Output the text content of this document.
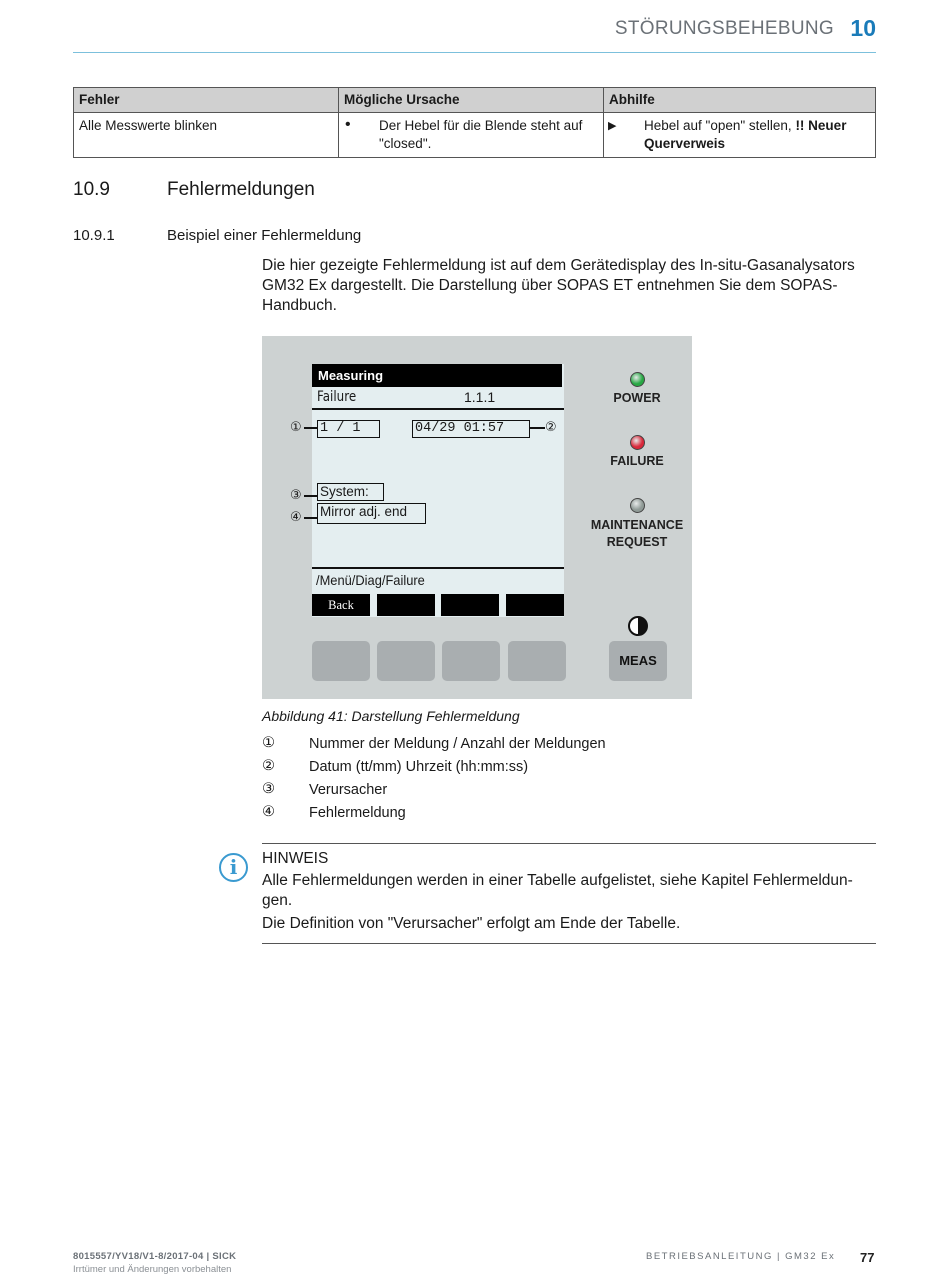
STÖRUNGSBEHEBUNG 10
Fehler	Mögliche Ursache	Abhilfe
Alle Messwerte blinken	• Der Hebel für die Blende steht auf "closed".	▶ Hebel auf "open" stellen, !! Neuer Querverweis
10.9	Fehlermeldungen
10.9.1	Beispiel einer Fehlermeldung
Die hier gezeigte Fehlermeldung ist auf dem Gerätedisplay des In-situ-Gasanalysators GM32 Ex dargestellt. Die Darstellung über SOPAS ET entnehmen Sie dem SOPAS-Handbuch.
Measuring
Failure	1.1.1
1 / 1	04/29 01:57
System:
Mirror adj. end
/Menü/Diag/Failure
Back
①	②
③
④
POWER
FAILURE
MAINTENANCE REQUEST
MEAS
Abbildung 41: Darstellung Fehlermeldung
① Nummer der Meldung / Anzahl der Meldungen
② Datum (tt/mm) Uhrzeit (hh:mm:ss)
③ Verursacher
④ Fehlermeldung
i	HINWEIS
Alle Fehlermeldungen werden in einer Tabelle aufgelistet, siehe Kapitel Fehlermeldungen.
Die Definition von "Verursacher" erfolgt am Ende der Tabelle.
8015557/YV18/V1-8/2017-04 | SICK
Irrtümer und Änderungen vorbehalten
BETRIEBSANLEITUNG | GM32 Ex 77
